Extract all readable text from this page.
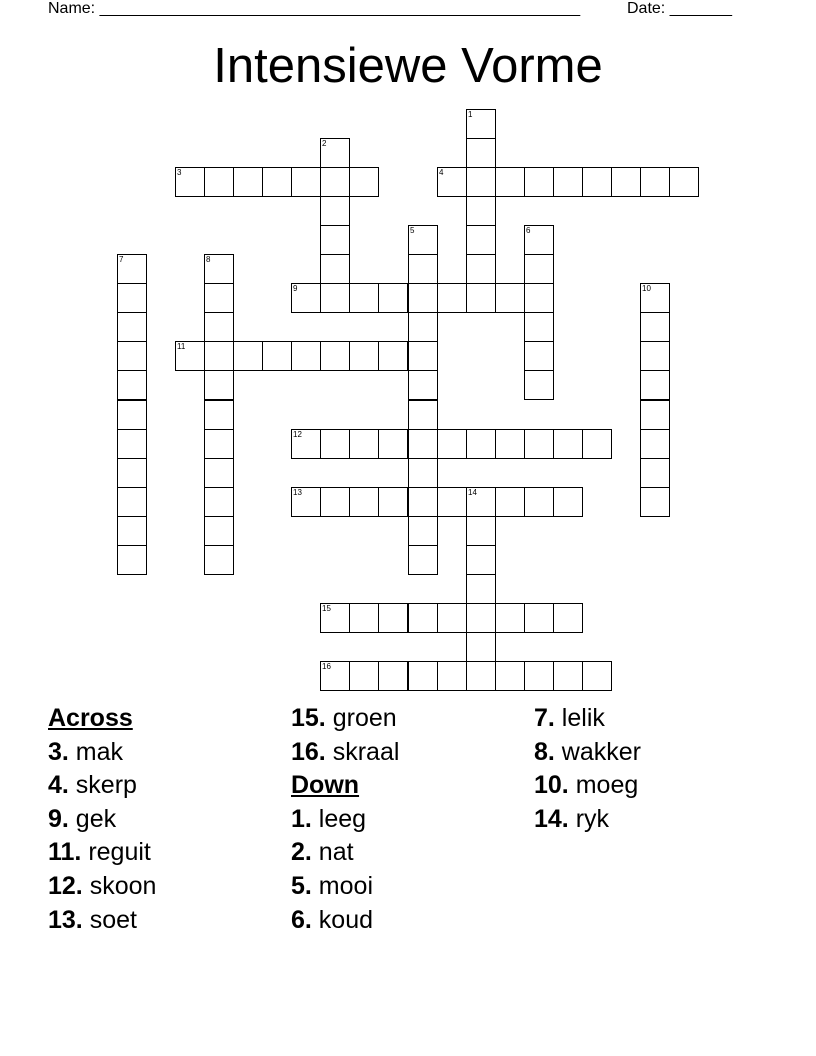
Name: ______________________________________________________	Date: _______
Intensiewe Vorme
1
2
3	4
5	6
7	8
9	10
11
12
13	14
15
16
Across
3. mak
4. skerp
9. gek
11. reguit
12. skoon
13. soet
15. groen
16. skraal
Down
1. leeg
2. nat
5. mooi
6. koud
7. lelik
8. wakker
10. moeg
14. ryk
